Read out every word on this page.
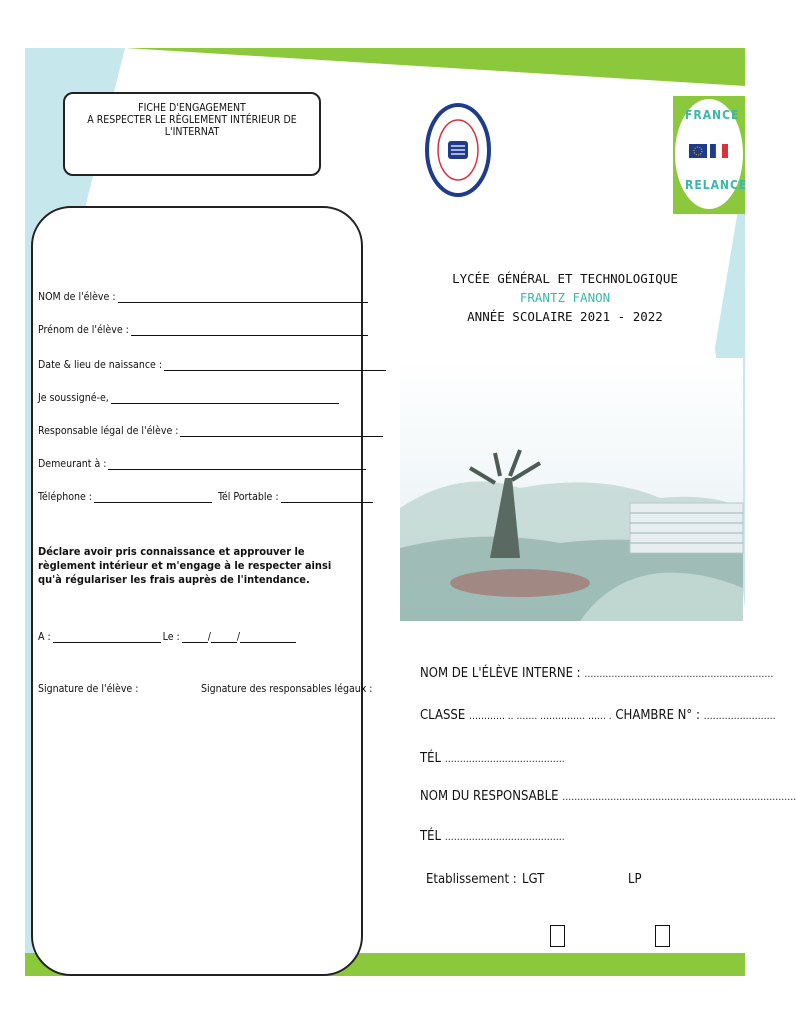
FICHE D'ENGAGEMENT
A RESPECTER LE RÈGLEMENT INTÉRIEUR DE L'INTERNAT
FRANCE
RELANCE
NOM de l'élève :
Prénom de l'élève :
Date & lieu de naissance :
Je soussigné-e,
Responsable légal de l'élève :
Demeurant à :
Téléphone :	Tél Portable :
Déclare avoir pris connaissance et approuver le règlement intérieur et m'engage à le respecter ainsi qu'à régulariser les frais auprès de l'intendance.
A :	Le :	/ /
Signature de l'élève :	Signature des responsables légaux :
LYCÉE GÉNÉRAL ET TECHNOLOGIQUE
FRANTZ FANON
ANNÉE SCOLAIRE 2021 - 2022
NOM DE L'ÉLÈVE INTERNE : ………………………………………………………
CLASSE ………… .. ……. …………… …… . CHAMBRE N° : ……………………
TÉL ………………………………….
NOM DU RESPONSABLE ……………………………………………………………………
TÉL ………………………………….
Etablissement : LGT	LP
